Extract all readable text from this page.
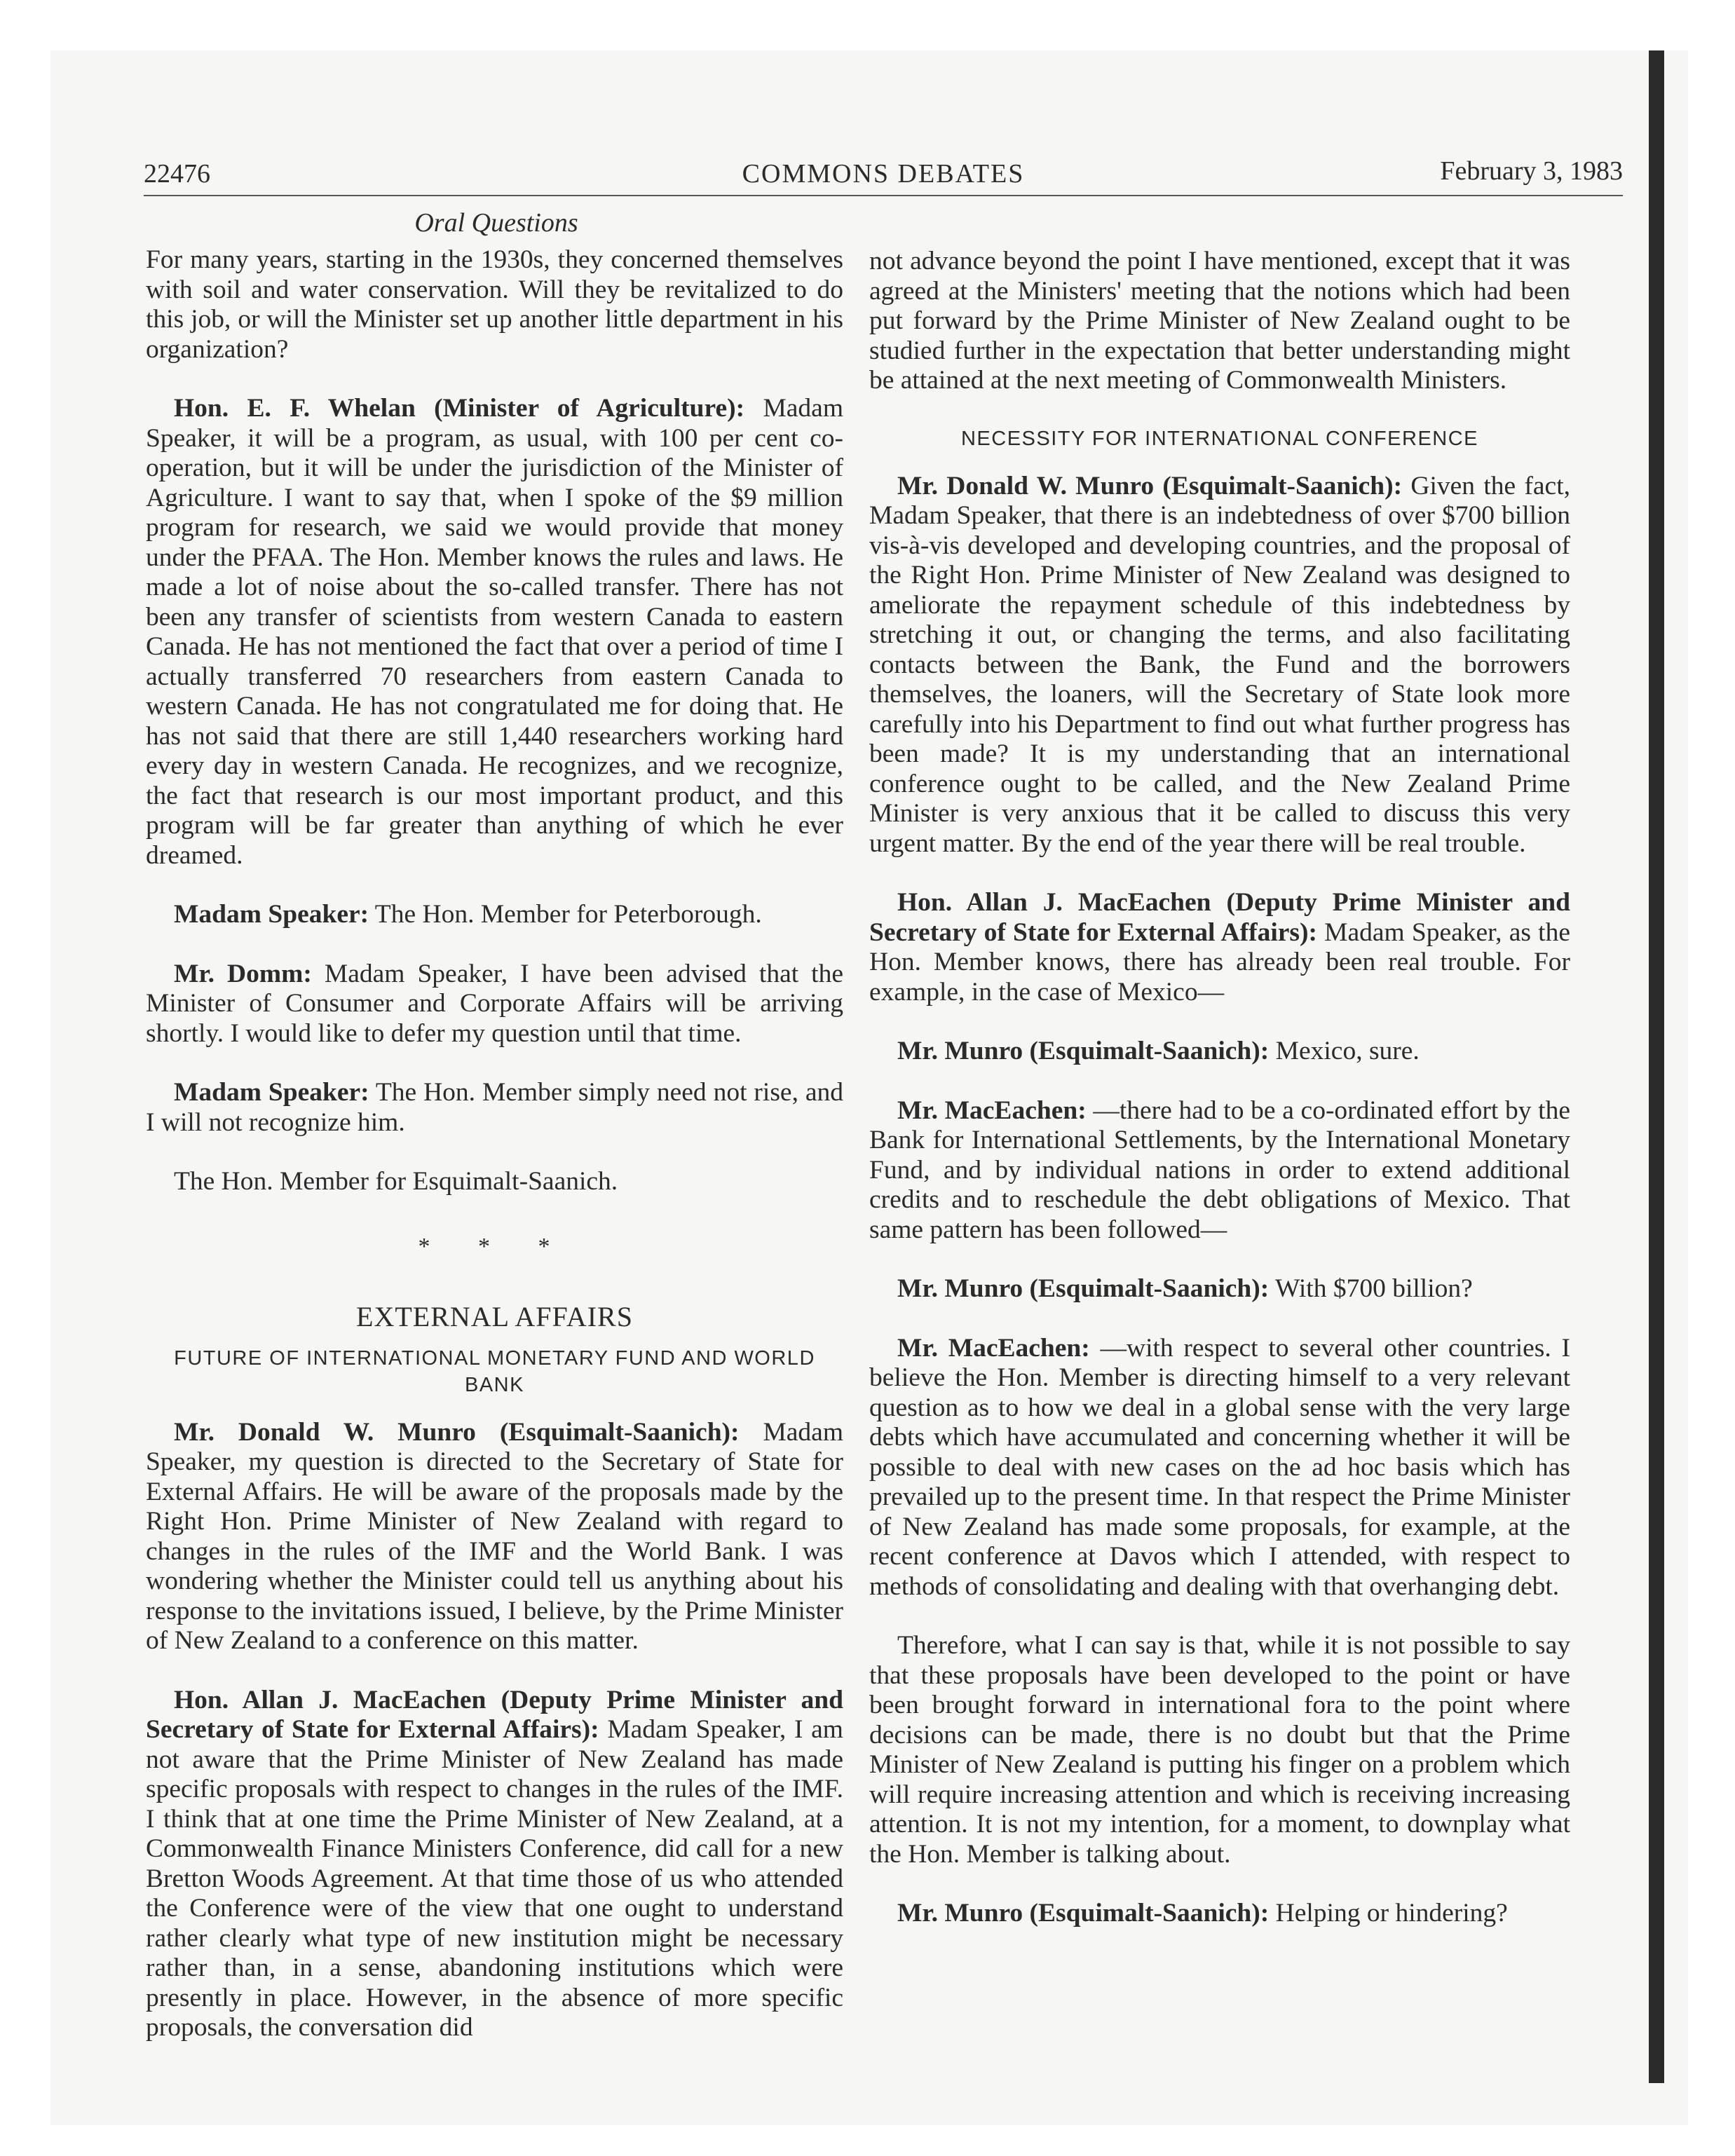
22476	COMMONS DEBATES	February 3, 1983
Oral Questions

For many years, starting in the 1930s, they concerned themselves with soil and water conservation. Will they be revitalized to do this job, or will the Minister set up another little department in his organization?

Hon. E. F. Whelan (Minister of Agriculture): Madam Speaker, it will be a program, as usual, with 100 per cent co-operation, but it will be under the jurisdiction of the Minister of Agriculture. I want to say that, when I spoke of the $9 million program for research, we said we would provide that money under the PFAA. The Hon. Member knows the rules and laws. He made a lot of noise about the so-called transfer. There has not been any transfer of scientists from western Canada to eastern Canada. He has not mentioned the fact that over a period of time I actually transferred 70 researchers from eastern Canada to western Canada. He has not congratulated me for doing that. He has not said that there are still 1,440 researchers working hard every day in western Canada. He recognizes, and we recognize, the fact that research is our most important product, and this program will be far greater than anything of which he ever dreamed.

Madam Speaker: The Hon. Member for Peterborough.

Mr. Domm: Madam Speaker, I have been advised that the Minister of Consumer and Corporate Affairs will be arriving shortly. I would like to defer my question until that time.

Madam Speaker: The Hon. Member simply need not rise, and I will not recognize him.

The Hon. Member for Esquimalt-Saanich.

* * *
EXTERNAL AFFAIRS
FUTURE OF INTERNATIONAL MONETARY FUND AND WORLD BANK

Mr. Donald W. Munro (Esquimalt-Saanich): Madam Speaker, my question is directed to the Secretary of State for External Affairs. He will be aware of the proposals made by the Right Hon. Prime Minister of New Zealand with regard to changes in the rules of the IMF and the World Bank. I was wondering whether the Minister could tell us anything about his response to the invitations issued, I believe, by the Prime Minister of New Zealand to a conference on this matter.

Hon. Allan J. MacEachen (Deputy Prime Minister and Secretary of State for External Affairs): Madam Speaker, I am not aware that the Prime Minister of New Zealand has made specific proposals with respect to changes in the rules of the IMF. I think that at one time the Prime Minister of New Zealand, at a Commonwealth Finance Ministers Conference, did call for a new Bretton Woods Agreement. At that time those of us who attended the Conference were of the view that one ought to understand rather clearly what type of new institution might be necessary rather than, in a sense, abandoning institutions which were presently in place. However, in the absence of more specific proposals, the conversation did

not advance beyond the point I have mentioned, except that it was agreed at the Ministers' meeting that the notions which had been put forward by the Prime Minister of New Zealand ought to be studied further in the expectation that better understanding might be attained at the next meeting of Commonwealth Ministers.

NECESSITY FOR INTERNATIONAL CONFERENCE

Mr. Donald W. Munro (Esquimalt-Saanich): Given the fact, Madam Speaker, that there is an indebtedness of over $700 billion vis-à-vis developed and developing countries, and the proposal of the Right Hon. Prime Minister of New Zealand was designed to ameliorate the repayment schedule of this indebtedness by stretching it out, or changing the terms, and also facilitating contacts between the Bank, the Fund and the borrowers themselves, the loaners, will the Secretary of State look more carefully into his Department to find out what further progress has been made? It is my understanding that an international conference ought to be called, and the New Zealand Prime Minister is very anxious that it be called to discuss this very urgent matter. By the end of the year there will be real trouble.

Hon. Allan J. MacEachen (Deputy Prime Minister and Secretary of State for External Affairs): Madam Speaker, as the Hon. Member knows, there has already been real trouble. For example, in the case of Mexico—

Mr. Munro (Esquimalt-Saanich): Mexico, sure.

Mr. MacEachen: —there had to be a co-ordinated effort by the Bank for International Settlements, by the International Monetary Fund, and by individual nations in order to extend additional credits and to reschedule the debt obligations of Mexico. That same pattern has been followed—

Mr. Munro (Esquimalt-Saanich): With $700 billion?

Mr. MacEachen: —with respect to several other countries. I believe the Hon. Member is directing himself to a very relevant question as to how we deal in a global sense with the very large debts which have accumulated and concerning whether it will be possible to deal with new cases on the ad hoc basis which has prevailed up to the present time. In that respect the Prime Minister of New Zealand has made some proposals, for example, at the recent conference at Davos which I attended, with respect to methods of consolidating and dealing with that overhanging debt.

Therefore, what I can say is that, while it is not possible to say that these proposals have been developed to the point or have been brought forward in international fora to the point where decisions can be made, there is no doubt but that the Prime Minister of New Zealand is putting his finger on a problem which will require increasing attention and which is receiving increasing attention. It is not my intention, for a moment, to downplay what the Hon. Member is talking about.

Mr. Munro (Esquimalt-Saanich): Helping or hindering?
